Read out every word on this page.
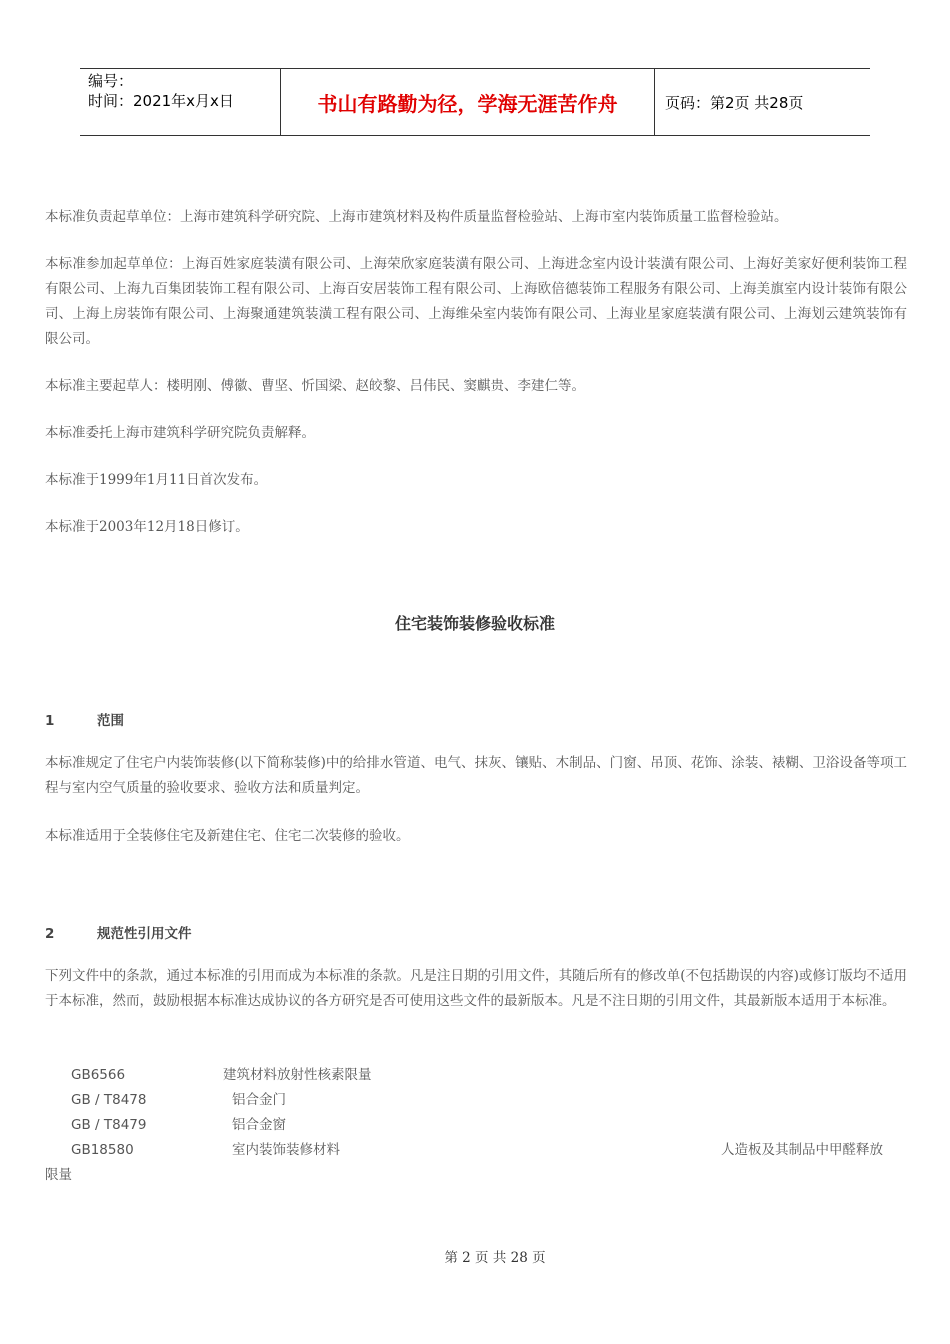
编号：
时间：2021年x月x日	书山有路勤为径，学海无涯苦作舟	页码：第2页 共28页
本标准负责起草单位：上海市建筑科学研究院、上海市建筑材料及构件质量监督检验站、上海市室内装饰质量工监督检验站。
本标准参加起草单位：上海百姓家庭装潢有限公司、上海荣欣家庭装潢有限公司、上海进念室内设计装潢有限公司、上海好美家好便利装饰工程有限公司、上海九百集团装饰工程有限公司、上海百安居装饰工程有限公司、上海欧倍德装饰工程服务有限公司、上海美旗室内设计装饰有限公司、上海上房装饰有限公司、上海聚通建筑装潢工程有限公司、上海维朵室内装饰有限公司、上海业星家庭装潢有限公司、上海划云建筑装饰有限公司。
本标准主要起草人：楼明刚、傅徽、曹坚、忻国梁、赵皎黎、吕伟民、窦麒贵、李建仁等。
本标准委托上海市建筑科学研究院负责解释。
本标准于1999年1月11日首次发布。
本标准于2003年12月18日修订。
住宅装饰装修验收标准
1	范围
本标准规定了住宅户内装饰装修(以下简称装修)中的给排水管道、电气、抹灰、镶贴、木制品、门窗、吊顶、花饰、涂装、裱糊、卫浴设备等项工程与室内空气质量的验收要求、验收方法和质量判定。
本标准适用于全装修住宅及新建住宅、住宅二次装修的验收。
2	规范性引用文件
下列文件中的条款，通过本标准的引用而成为本标准的条款。凡是注日期的引用文件，其随后所有的修改单(不包括勘误的内容)或修订版均不适用于本标准，然而，鼓励根据本标准达成协议的各方研究是否可使用这些文件的最新版本。凡是不注日期的引用文件，其最新版本适用于本标准。
GB6566	建筑材料放射性核素限量
GB / T8478	铝合金门
GB / T8479	铝合金窗
GB18580	室内装饰装修材料	人造板及其制品中甲醛释放
限量
第 2 页 共 28 页
